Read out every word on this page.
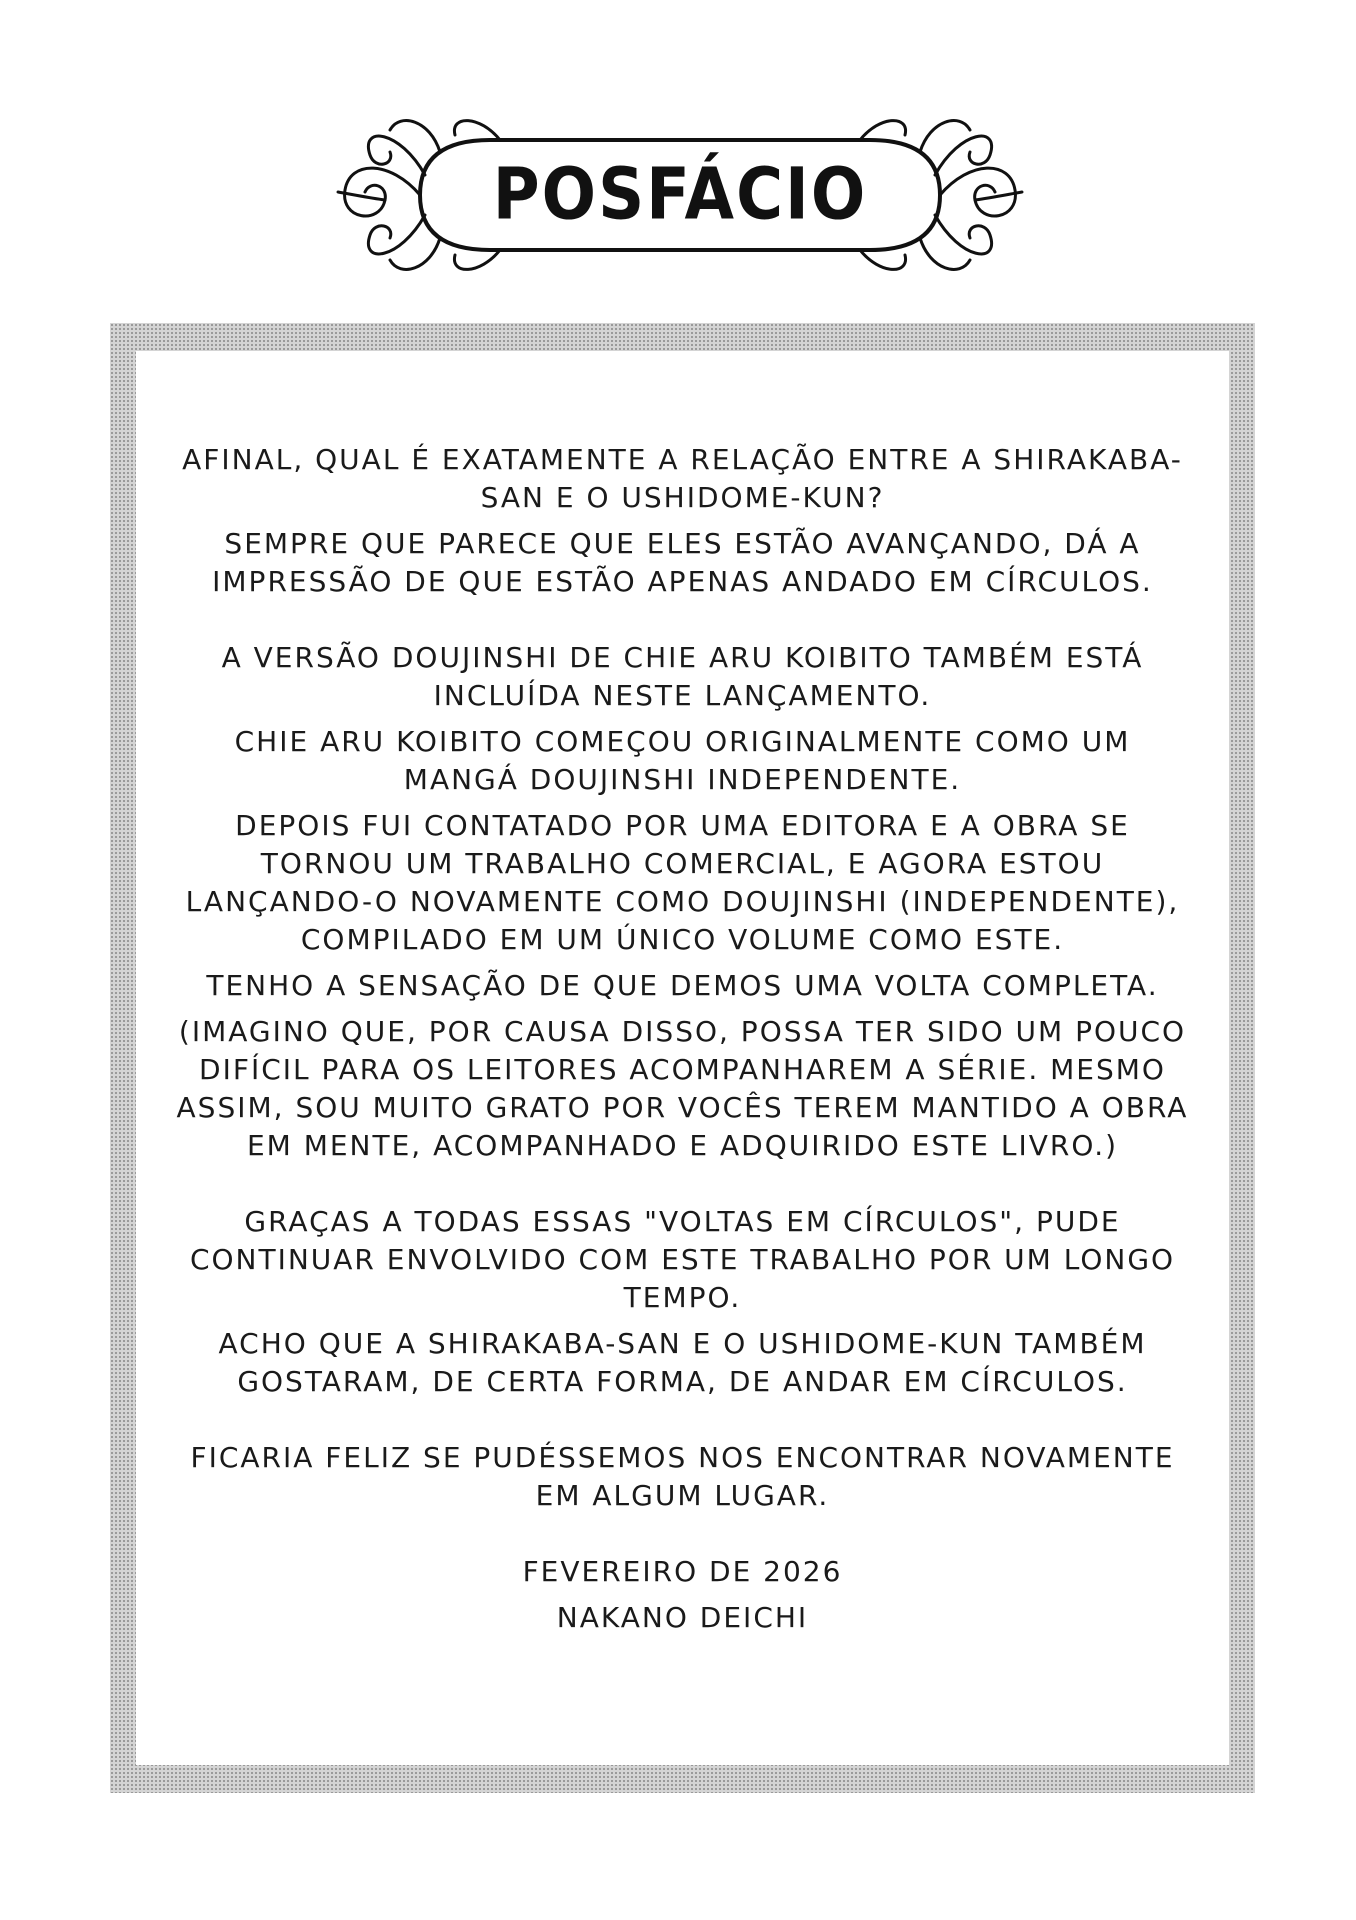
POSFÁCIO

AFINAL, QUAL É EXATAMENTE A RELAÇÃO ENTRE A SHIRAKABA-SAN E O USHIDOME-KUN?

SEMPRE QUE PARECE QUE ELES ESTÃO AVANÇANDO, DÁ A IMPRESSÃO DE QUE ESTÃO APENAS ANDADO EM CÍRCULOS.

A VERSÃO DOUJINSHI DE CHIE ARU KOIBITO TAMBÉM ESTÁ INCLUÍDA NESTE LANÇAMENTO.

CHIE ARU KOIBITO COMEÇOU ORIGINALMENTE COMO UM MANGÁ DOUJINSHI INDEPENDENTE.

DEPOIS FUI CONTATADO POR UMA EDITORA E A OBRA SE TORNOU UM TRABALHO COMERCIAL, E AGORA ESTOU LANÇANDO-O NOVAMENTE COMO DOUJINSHI (INDEPENDENTE), COMPILADO EM UM ÚNICO VOLUME COMO ESTE.

TENHO A SENSAÇÃO DE QUE DEMOS UMA VOLTA COMPLETA.

(IMAGINO QUE, POR CAUSA DISSO, POSSA TER SIDO UM POUCO DIFÍCIL PARA OS LEITORES ACOMPANHAREM A SÉRIE. MESMO ASSIM, SOU MUITO GRATO POR VOCÊS TEREM MANTIDO A OBRA EM MENTE, ACOMPANHADO E ADQUIRIDO ESTE LIVRO.)

GRAÇAS A TODAS ESSAS "VOLTAS EM CÍRCULOS", PUDE CONTINUAR ENVOLVIDO COM ESTE TRABALHO POR UM LONGO TEMPO.

ACHO QUE A SHIRAKABA-SAN E O USHIDOME-KUN TAMBÉM GOSTARAM, DE CERTA FORMA, DE ANDAR EM CÍRCULOS.

FICARIA FELIZ SE PUDÉSSEMOS NOS ENCONTRAR NOVAMENTE EM ALGUM LUGAR.

FEVEREIRO DE 2026

NAKANO DEICHI
